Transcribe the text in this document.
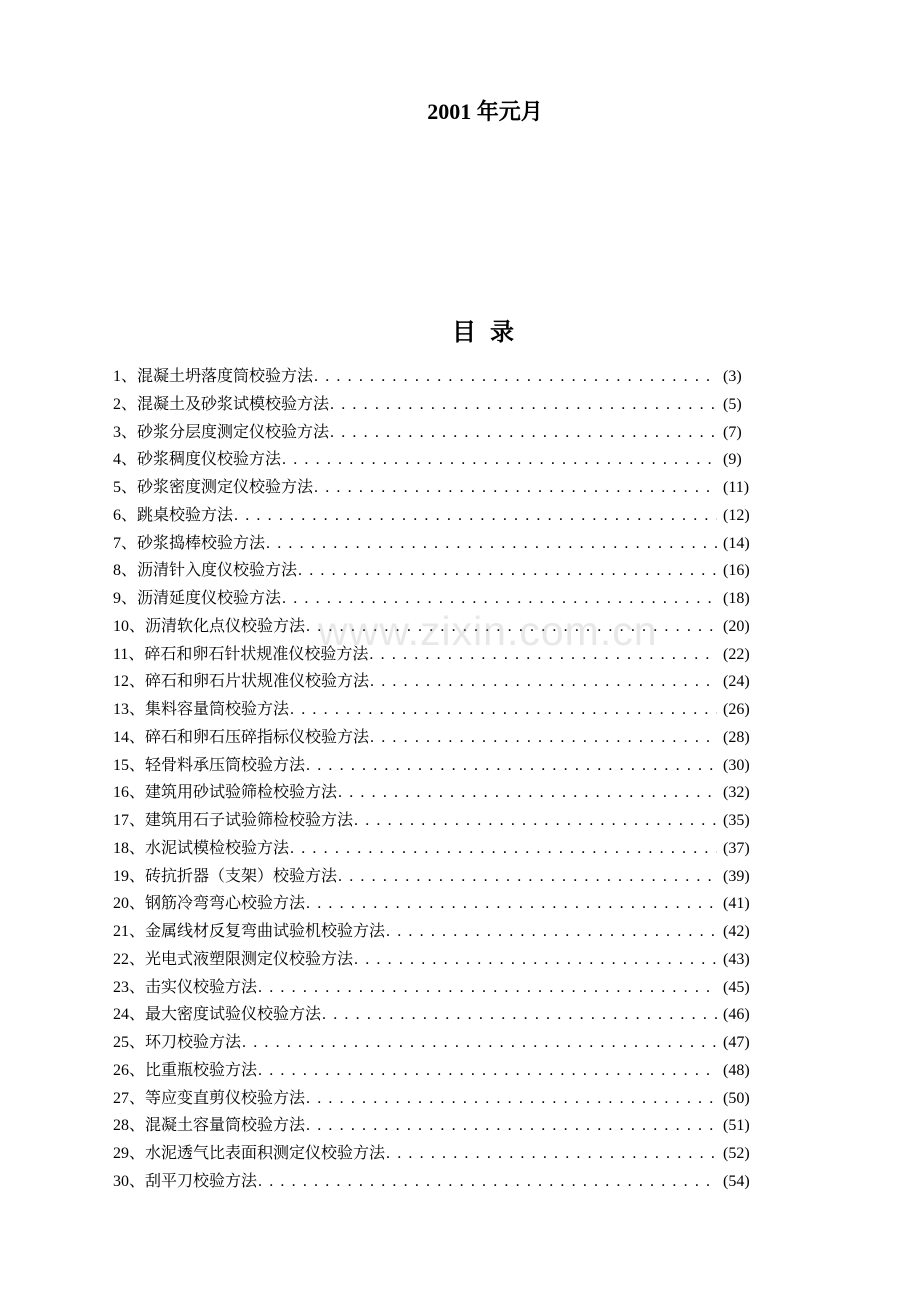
2001 年元月
目 录
1、混凝土坍落度筒校验方法 . . .	(3)
2、混凝土及砂浆试模校验方法 . . .	(5)
3、砂浆分层度测定仪校验方法 . . .	(7)
4、砂浆稠度仪校验方法 . . .	(9)
5、砂浆密度测定仪校验方法 . . .	(11)
6、跳桌校验方法 . . .	(12)
7、砂浆捣棒校验方法 . . .	(14)
8、沥清针入度仪校验方法 . . .	(16)
9、沥清延度仪校验方法 . . .	(18)
10、沥清软化点仪校验方法 . . .	(20)
11、碎石和卵石针状规准仪校验方法 . . .	(22)
12、碎石和卵石片状规准仪校验方法 . . .	(24)
13、集料容量筒校验方法 . . .	(26)
14、碎石和卵石压碎指标仪校验方法 . . .	(28)
15、轻骨料承压筒校验方法 . . .	(30)
16、建筑用砂试验筛检校验方法 . . .	(32)
17、建筑用石子试验筛检校验方法 . . .	(35)
18、水泥试模检校验方法 . . .	(37)
19、砖抗折器（支架）校验方法 . . .	(39)
20、钢筋冷弯弯心校验方法 . . .	(41)
21、金属线材反复弯曲试验机校验方法 . . .	(42)
22、光电式液塑限测定仪校验方法 . . .	(43)
23、击实仪校验方法 . . .	(45)
24、最大密度试验仪校验方法 . . .	(46)
25、环刀校验方法 . . .	(47)
26、比重瓶校验方法 . . .	(48)
27、等应变直剪仪校验方法 . . .	(50)
28、混凝土容量筒校验方法 . . .	(51)
29、水泥透气比表面积测定仪校验方法 . . .	(52)
30、刮平刀校验方法 . . .	(54)
www.zixin.com.cn
